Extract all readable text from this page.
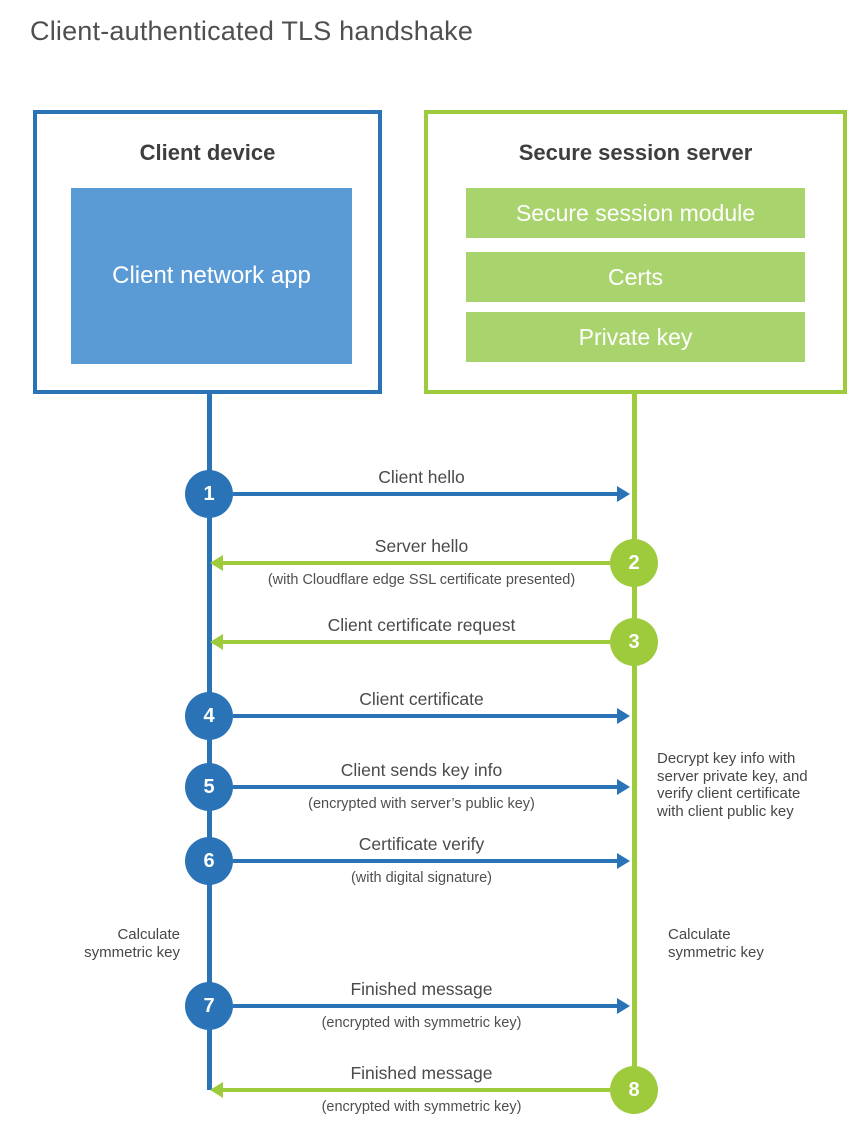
Client-authenticated TLS handshake
Client device
Client network app
Secure session server
Secure session module
Certs
Private key
1
Client hello
2
Server hello
(with Cloudflare edge SSL certificate presented)
3
Client certificate request
4
Client certificate
5
Client sends key info
(encrypted with server’s public key)
6
Certificate verify
(with digital signature)
Decrypt key info with server private key, and verify client certificate with client public key
Calculate symmetric key
Calculate symmetric key
7
Finished message
(encrypted with symmetric key)
8
Finished message
(encrypted with symmetric key)
